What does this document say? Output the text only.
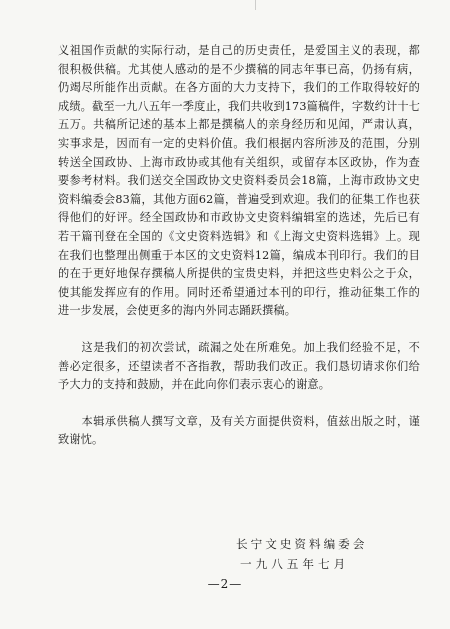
义祖国作贡献的实际行动，是自己的历史责任，是爱国主义的表现，都很积极供稿。尤其使人感动的是不少撰稿的同志年事已高，仍扬有病，仍竭尽所能作出贡献。在各方面的大力支持下，我们的工作取得较好的成绩。截至一九八五年一季度止，我们共收到173篇稿件，字数约计十七五万。共稿所记述的基本上都是撰稿人的亲身经历和见闻，严肃认真，实事求是，因而有一定的史料价值。我们根据内容所涉及的范围，分别转送全国政协、上海市政协或其他有关组织，或留存本区政协，作为查要参考材料。我们送交全国政协文史资料委员会18篇，上海市政协文史资料编委会83篇，其他方面62篇，普遍受到欢迎。我们的征集工作也获得他们的好评。经全国政协和市政协文史资料编辑室的选述，先后已有若干篇刊登在全国的《文史资料选辑》和《上海文史资料选辑》上。现在我们也整理出侧重于本区的文史资料12篇，编成本刊印行。我们的目的在于更好地保存撰稿人所提供的宝贵史料，并把这些史料公之于众，使其能发挥应有的作用。同时还希望通过本刊的印行，推动征集工作的进一步发展，会使更多的海内外同志踊跃撰稿。

这是我们的初次尝试，疏漏之处在所难免。加上我们经验不足，不善必定很多，还望读者不吝指教，帮助我们改正。我们恳切请求你们给予大力的支持和鼓励，并在此向你们表示衷心的谢意。

本辑承供稿人撰写文章，及有关方面提供资料，值兹出版之时，谨致谢忱。

长宁文史资料编委会
一九八五年七月
—2—
